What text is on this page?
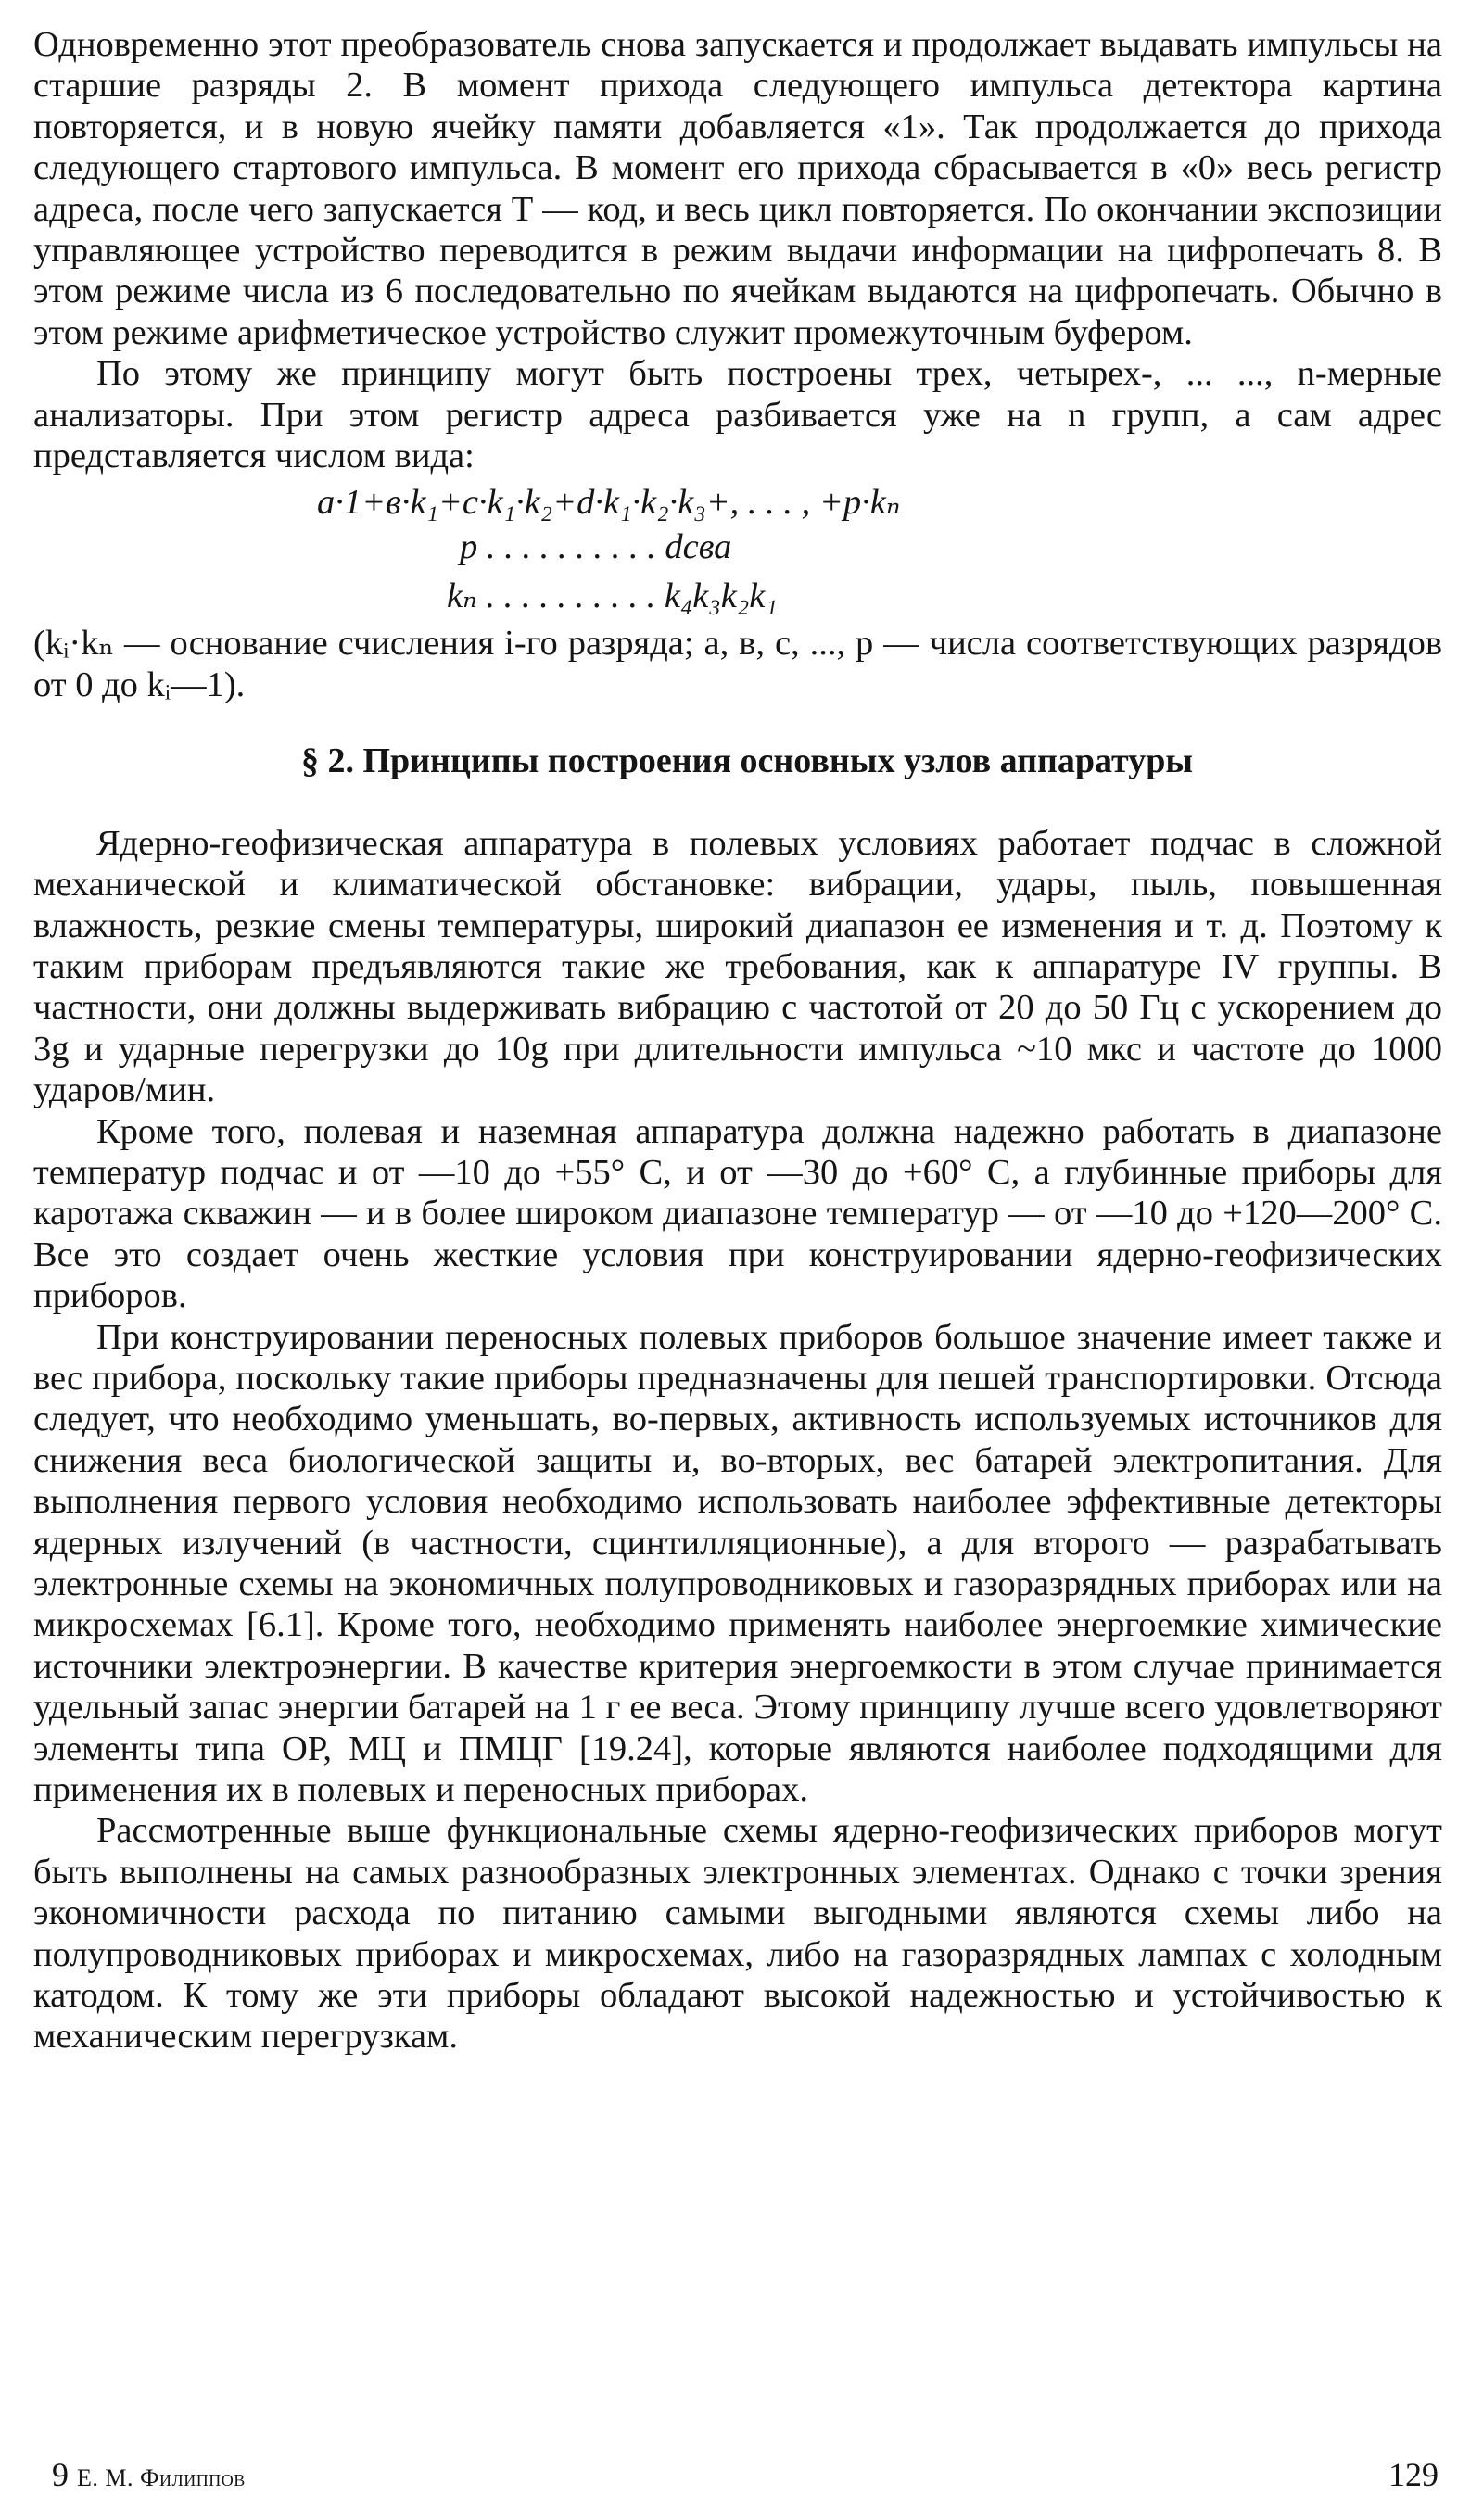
Одновременно этот преобразователь снова запускается и продолжает выдавать импульсы на старшие разряды 2. В момент прихода следующего импульса детектора картина повторяется, и в новую ячейку памяти добавляется «1». Так продолжается до прихода следующего стартового импульса. В момент его прихода сбрасывается в «0» весь регистр адреса, после чего запускается Т — код, и весь цикл повторяется. По окончании экспозиции управляющее устройство переводится в режим выдачи информации на цифропечать 8. В этом режиме числа из 6 последовательно по ячейкам выдаются на цифропечать. Обычно в этом режиме арифметическое устройство служит промежуточным буфером.

По этому же принципу могут быть построены трех, четырех-, ... ..., n-мерные анализаторы. При этом регистр адреса разбивается уже на n групп, а сам адрес представляется числом вида:

a·1+в·k₁+c·k₁·k₂+d·k₁·k₂·k₃+, . . . , +p·kₙ
p . . . . . . . . . . dcва
kₙ . . . . . . . . . . k₄k₃k₂k₁

(kᵢ·kₙ — основание счисления i-го разряда; a, в, c, ..., p — числа соответствующих разрядов от 0 до kᵢ—1).

§ 2. Принципы построения основных узлов аппаратуры

Ядерно-геофизическая аппаратура в полевых условиях работает подчас в сложной механической и климатической обстановке: вибрации, удары, пыль, повышенная влажность, резкие смены температуры, широкий диапазон ее изменения и т. д. Поэтому к таким приборам предъявляются такие же требования, как к аппаратуре IV группы. В частности, они должны выдерживать вибрацию с частотой от 20 до 50 Гц с ускорением до 3g и ударные перегрузки до 10g при длительности импульса ~10 мкс и частоте до 1000 ударов/мин.

Кроме того, полевая и наземная аппаратура должна надежно работать в диапазоне температур подчас и от —10 до +55° С, и от —30 до +60° С, а глубинные приборы для каротажа скважин — и в более широком диапазоне температур — от —10 до +120—200° С. Все это создает очень жесткие условия при конструировании ядерно-геофизических приборов.

При конструировании переносных полевых приборов большое значение имеет также и вес прибора, поскольку такие приборы предназначены для пешей транспортировки. Отсюда следует, что необходимо уменьшать, во-первых, активность используемых источников для снижения веса биологической защиты и, во-вторых, вес батарей электропитания. Для выполнения первого условия необходимо использовать наиболее эффективные детекторы ядерных излучений (в частности, сцинтилляционные), а для второго — разрабатывать электронные схемы на экономичных полупроводниковых и газоразрядных приборах или на микросхемах [6.1]. Кроме того, необходимо применять наиболее энергоемкие химические источники электроэнергии. В качестве критерия энергоемкости в этом случае принимается удельный запас энергии батарей на 1 г ее веса. Этому принципу лучше всего удовлетворяют элементы типа ОР, МЦ и ПМЦГ [19.24], которые являются наиболее подходящими для применения их в полевых и переносных приборах.

Рассмотренные выше функциональные схемы ядерно-геофизических приборов могут быть выполнены на самых разнообразных электронных элементах. Однако с точки зрения экономичности расхода по питанию самыми выгодными являются схемы либо на полупроводниковых приборах и микросхемах, либо на газоразрядных лампах с холодным катодом. К тому же эти приборы обладают высокой надежностью и устойчивостью к механическим перегрузкам.

9 Е. М. Филиппов	129
